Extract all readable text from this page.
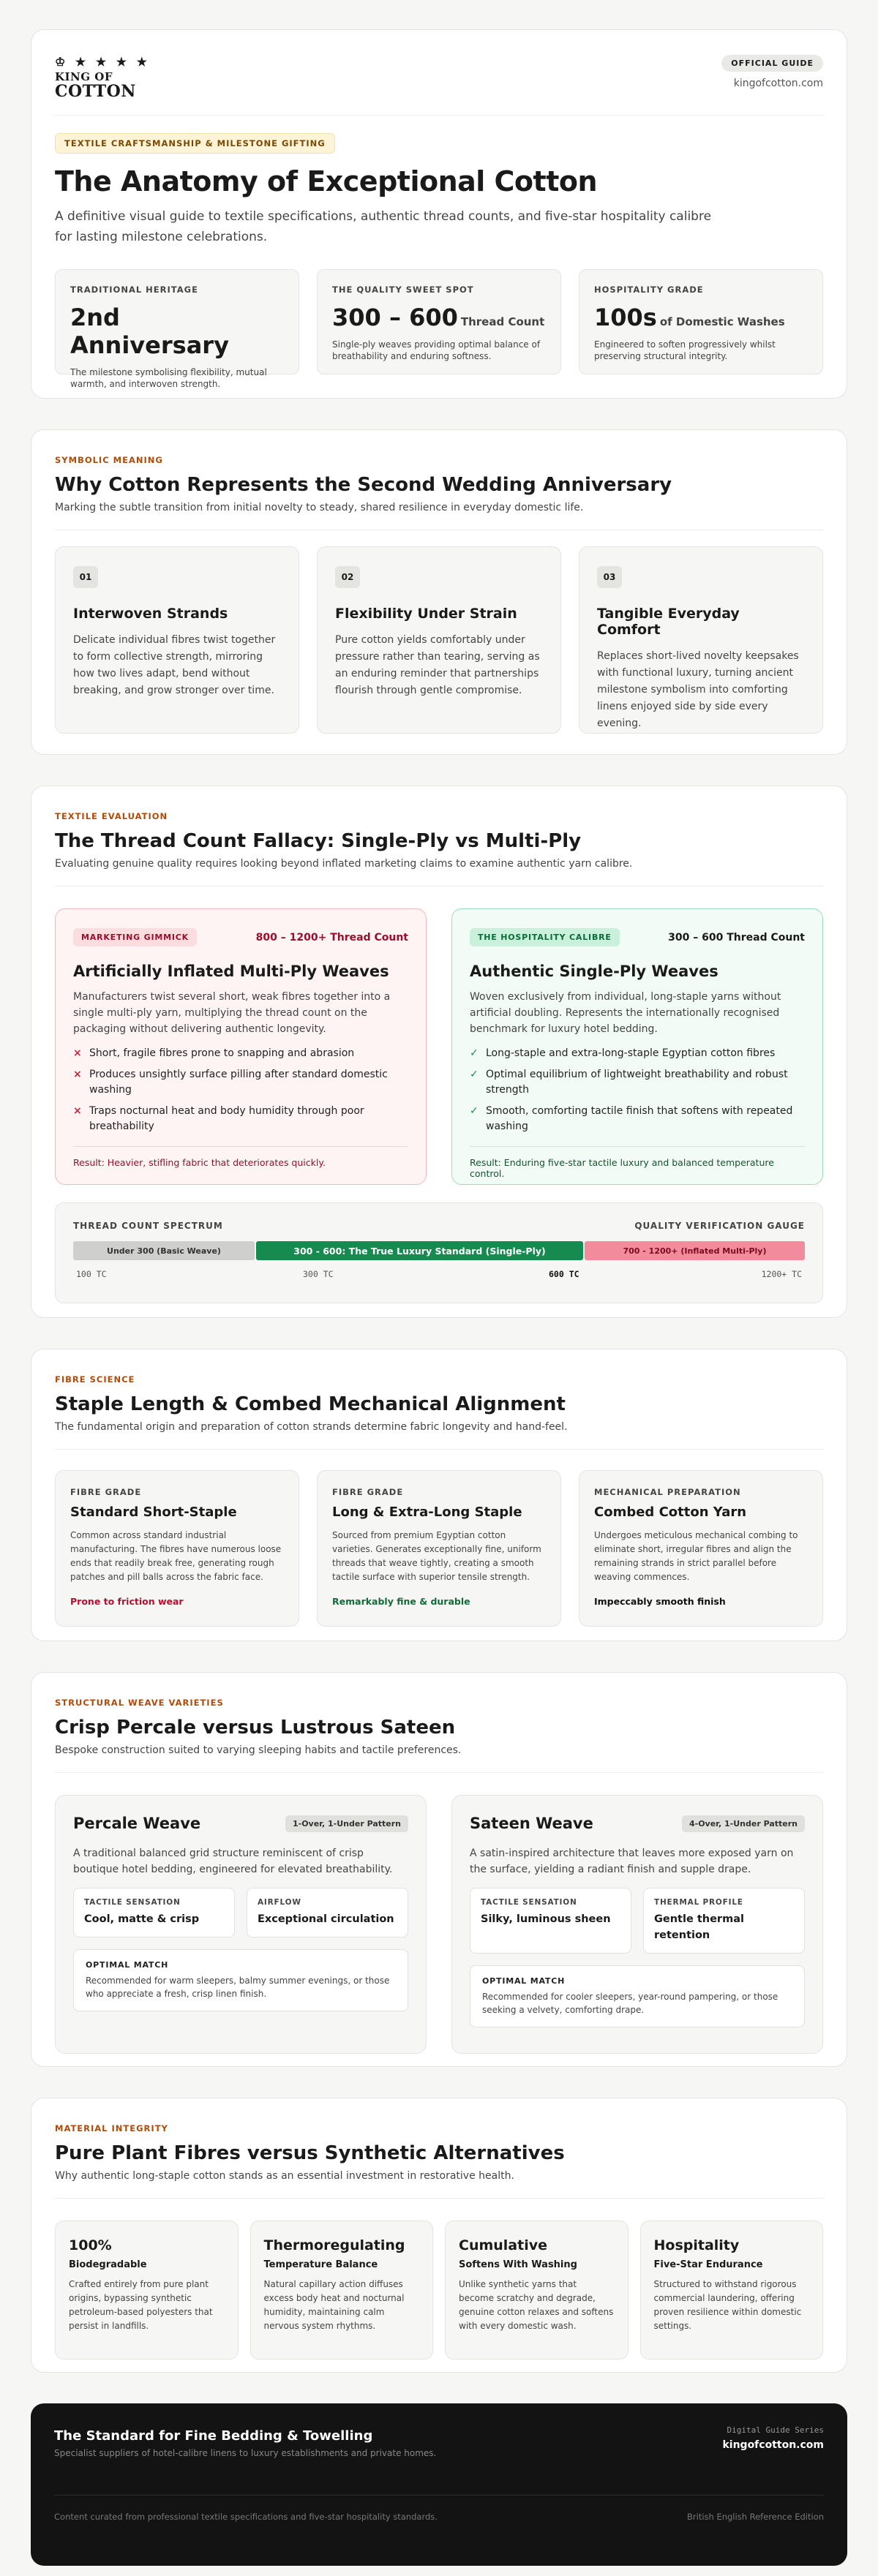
♔ ★ ★ ★ ★
KING OF
COTTON
OFFICIAL GUIDE
kingofcotton.com
TEXTILE CRAFTSMANSHIP & MILESTONE GIFTING
The Anatomy of Exceptional Cotton

A definitive visual guide to textile specifications, authentic thread counts, and five-star hospitality calibre for lasting milestone celebrations.

TRADITIONAL HERITAGE
2nd Anniversary
The milestone symbolising flexibility, mutual warmth, and interwoven strength.
THE QUALITY SWEET SPOT
300 – 600 Thread Count
Single-ply weaves providing optimal balance of breathability and enduring softness.
HOSPITALITY GRADE
100s of Domestic Washes
Engineered to soften progressively whilst preserving structural integrity.
SYMBOLIC MEANING
Why Cotton Represents the Second Wedding Anniversary

Marking the subtle transition from initial novelty to steady, shared resilience in everyday domestic life.

01
Interwoven Strands

Delicate individual fibres twist together to form collective strength, mirroring how two lives adapt, bend without breaking, and grow stronger over time.

02
Flexibility Under Strain

Pure cotton yields comfortably under pressure rather than tearing, serving as an enduring reminder that partnerships flourish through gentle compromise.

03
Tangible Everyday Comfort

Replaces short-lived novelty keepsakes with functional luxury, turning ancient milestone symbolism into comforting linens enjoyed side by side every evening.

TEXTILE EVALUATION
The Thread Count Fallacy: Single-Ply vs Multi-Ply

Evaluating genuine quality requires looking beyond inflated marketing claims to examine authentic yarn calibre.

MARKETING GIMMICK	800 – 1200+ Thread Count
Artificially Inflated Multi-Ply Weaves

Manufacturers twist several short, weak fibres together into a single multi-ply yarn, multiplying the thread count on the packaging without delivering authentic longevity.

× Short, fragile fibres prone to snapping and abrasion
× Produces unsightly surface pilling after standard domestic washing
× Traps nocturnal heat and body humidity through poor breathability
Result: Heavier, stifling fabric that deteriorates quickly.
THE HOSPITALITY CALIBRE	300 – 600 Thread Count
Authentic Single-Ply Weaves

Woven exclusively from individual, long-staple yarns without artificial doubling. Represents the internationally recognised benchmark for luxury hotel bedding.

✓ Long-staple and extra-long-staple Egyptian cotton fibres
✓ Optimal equilibrium of lightweight breathability and robust strength
✓ Smooth, comforting tactile finish that softens with repeated washing
Result: Enduring five-star tactile luxury and balanced temperature control.
THREAD COUNT SPECTRUM	QUALITY VERIFICATION GAUGE
Under 300 (Basic Weave)	300 - 600: The True Luxury Standard (Single-Ply)	700 - 1200+ (Inflated Multi-Ply)
100 TC	300 TC	600 TC	1200+ TC
FIBRE SCIENCE
Staple Length & Combed Mechanical Alignment

The fundamental origin and preparation of cotton strands determine fabric longevity and hand-feel.

FIBRE GRADE
Standard Short-Staple

Common across standard industrial manufacturing. The fibres have numerous loose ends that readily break free, generating rough patches and pill balls across the fabric face.

Prone to friction wear
FIBRE GRADE
Long & Extra-Long Staple

Sourced from premium Egyptian cotton varieties. Generates exceptionally fine, uniform threads that weave tightly, creating a smooth tactile surface with superior tensile strength.

Remarkably fine & durable
MECHANICAL PREPARATION
Combed Cotton Yarn

Undergoes meticulous mechanical combing to eliminate short, irregular fibres and align the remaining strands in strict parallel before weaving commences.

Impeccably smooth finish
STRUCTURAL WEAVE VARIETIES
Crisp Percale versus Lustrous Sateen

Bespoke construction suited to varying sleeping habits and tactile preferences.

Percale Weave	1-Over, 1-Under Pattern

A traditional balanced grid structure reminiscent of crisp boutique hotel bedding, engineered for elevated breathability.

TACTILE SENSATION
Cool, matte & crisp
AIRFLOW
Exceptional circulation
OPTIMAL MATCH
Recommended for warm sleepers, balmy summer evenings, or those who appreciate a fresh, crisp linen finish.
Sateen Weave	4-Over, 1-Under Pattern

A satin-inspired architecture that leaves more exposed yarn on the surface, yielding a radiant finish and supple drape.

TACTILE SENSATION
Silky, luminous sheen
THERMAL PROFILE
Gentle thermal retention
OPTIMAL MATCH
Recommended for cooler sleepers, year-round pampering, or those seeking a velvety, comforting drape.
MATERIAL INTEGRITY
Pure Plant Fibres versus Synthetic Alternatives

Why authentic long-staple cotton stands as an essential investment in restorative health.

100%
Biodegradable

Crafted entirely from pure plant origins, bypassing synthetic petroleum-based polyesters that persist in landfills.

Thermoregulating
Temperature Balance

Natural capillary action diffuses excess body heat and nocturnal humidity, maintaining calm nervous system rhythms.

Cumulative
Softens With Washing

Unlike synthetic yarns that become scratchy and degrade, genuine cotton relaxes and softens with every domestic wash.

Hospitality
Five-Star Endurance

Structured to withstand rigorous commercial laundering, offering proven resilience within domestic settings.

The Standard for Fine Bedding & Towelling
Specialist suppliers of hotel-calibre linens to luxury establishments and private homes.
Digital Guide Series
kingofcotton.com
Content curated from professional textile specifications and five-star hospitality standards.	British English Reference Edition
